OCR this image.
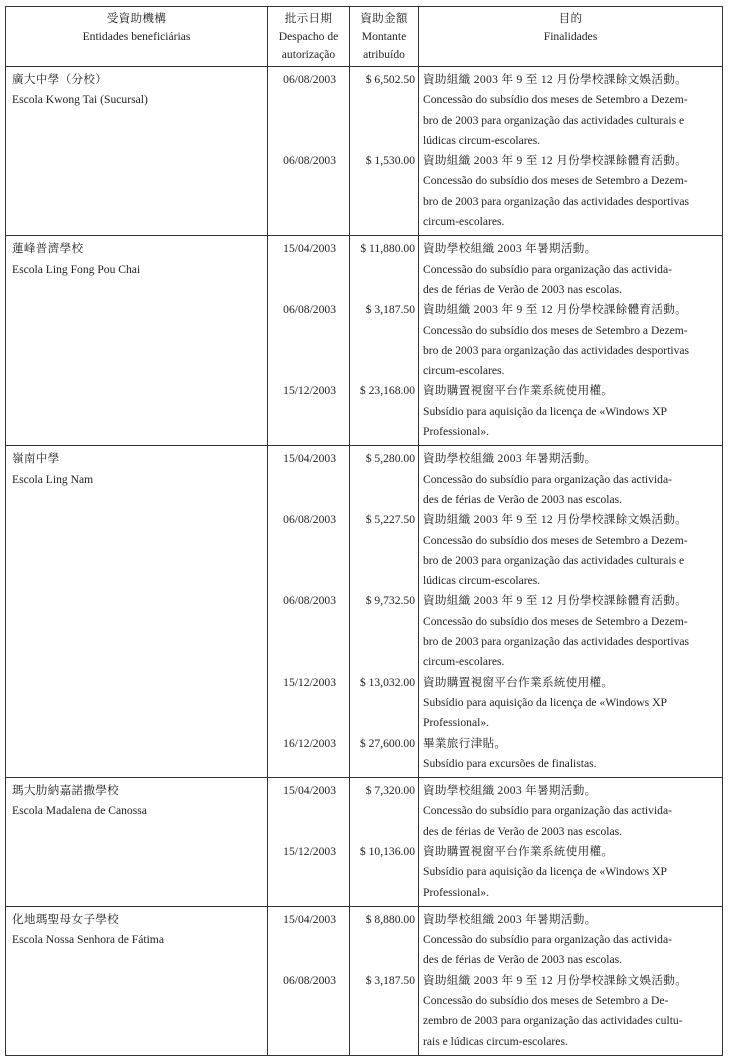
受資助機構
Entidades beneficiárias	批示日期
Despacho de
autorização	資助金額
Montante
atribuído	目的
Finalidades

廣大中學（分校）
Escola Kwong Tai (Sucursal)	06/08/2003	$ 6,502.50	資助組織 2003 年 9 至 12 月份學校課餘文娛活動。
Concessão do subsídio dos meses de Setembro a Dezem-
bro de 2003 para organização das actividades culturais e
lúdicas circum-escolares.

	06/08/2003	$ 1,530.00	資助組織 2003 年 9 至 12 月份學校課餘體育活動。
Concessão do subsídio dos meses de Setembro a Dezem-
bro de 2003 para organização das actividades desportivas
circum-escolares.

蓮峰普濟學校
Escola Ling Fong Pou Chai	15/04/2003	$ 11,880.00	資助學校組織 2003 年暑期活動。
Concessão do subsídio para organização das activida-
des de férias de Verão de 2003 nas escolas.

	06/08/2003	$ 3,187.50	資助組織 2003 年 9 至 12 月份學校課餘體育活動。
Concessão do subsídio dos meses de Setembro a Dezem-
bro de 2003 para organização das actividades desportivas
circum-escolares.

	15/12/2003	$ 23,168.00	資助購置視窗平台作業系統使用權。
Subsídio para aquisição da licença de «Windows XP
Professional».

嶺南中學
Escola Ling Nam	15/04/2003	$ 5,280.00	資助學校組織 2003 年暑期活動。
Concessão do subsídio para organização das activida-
des de férias de Verão de 2003 nas escolas.

	06/08/2003	$ 5,227.50	資助組織 2003 年 9 至 12 月份學校課餘文娛活動。
Concessão do subsídio dos meses de Setembro a Dezem-
bro de 2003 para organização das actividades culturais e
lúdicas circum-escolares.

	06/08/2003	$ 9,732.50	資助組織 2003 年 9 至 12 月份學校課餘體育活動。
Concessão do subsídio dos meses de Setembro a Dezem-
bro de 2003 para organização das actividades desportivas
circum-escolares.

	15/12/2003	$ 13,032.00	資助購置視窗平台作業系統使用權。
Subsídio para aquisição da licença de «Windows XP
Professional».

	16/12/2003	$ 27,600.00	畢業旅行津貼。
Subsídio para excursões de finalistas.

瑪大肋納嘉諾撒學校
Escola Madalena de Canossa	15/04/2003	$ 7,320.00	資助學校組織 2003 年暑期活動。
Concessão do subsídio para organização das activida-
des de férias de Verão de 2003 nas escolas.

	15/12/2003	$ 10,136.00	資助購置視窗平台作業系統使用權。
Subsídio para aquisição da licença de «Windows XP
Professional».

化地瑪聖母女子學校
Escola Nossa Senhora de Fátima	15/04/2003	$ 8,880.00	資助學校組織 2003 年暑期活動。
Concessão do subsídio para organização das activida-
des de férias de Verão de 2003 nas escolas.

	06/08/2003	$ 3,187.50	資助組織 2003 年 9 至 12 月份學校課餘文娛活動。
Concessão do subsídio dos meses de Setembro a De-
zembro de 2003 para organização das actividades cultu-
rais e lúdicas circum-escolares.
